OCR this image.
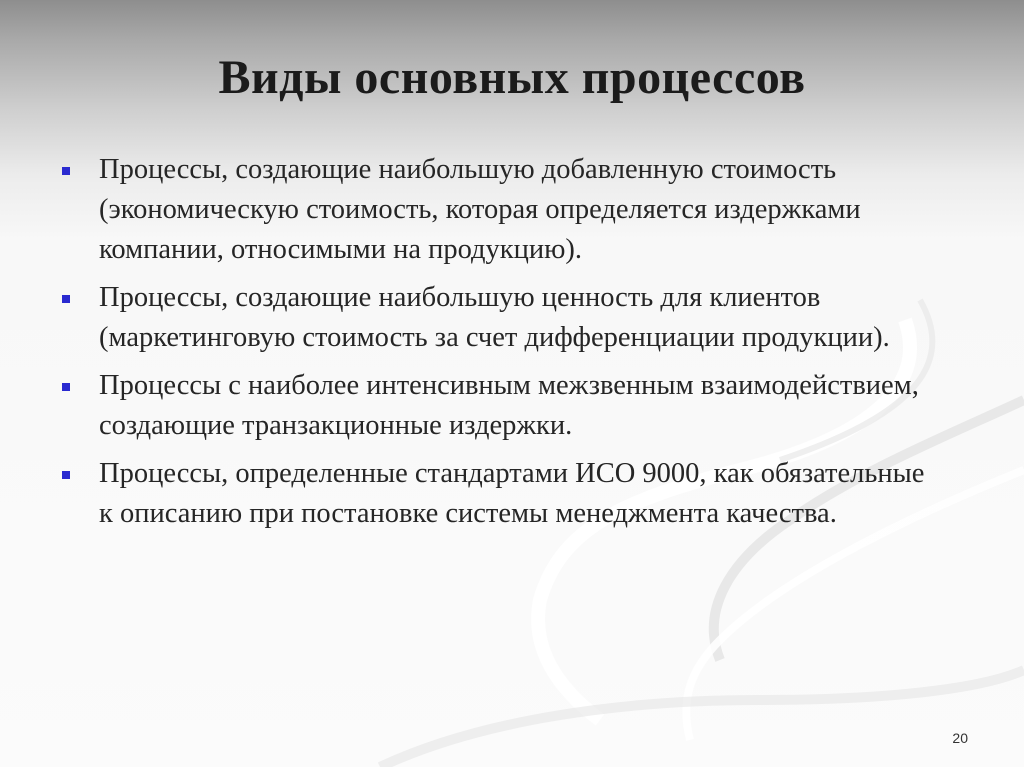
Виды основных процессов
Процессы, создающие наибольшую добавленную стоимость (экономическую стоимость, которая определяется издержками компании, относимыми на продукцию).
Процессы, создающие наибольшую ценность для клиентов (маркетинговую стоимость за счет дифференциации продукции).
Процессы с наиболее интенсивным межзвенным взаимодействием, создающие транзакционные издержки.
Процессы, определенные стандартами ИСО 9000, как обязательные к описанию при постановке системы менеджмента качества.
20
